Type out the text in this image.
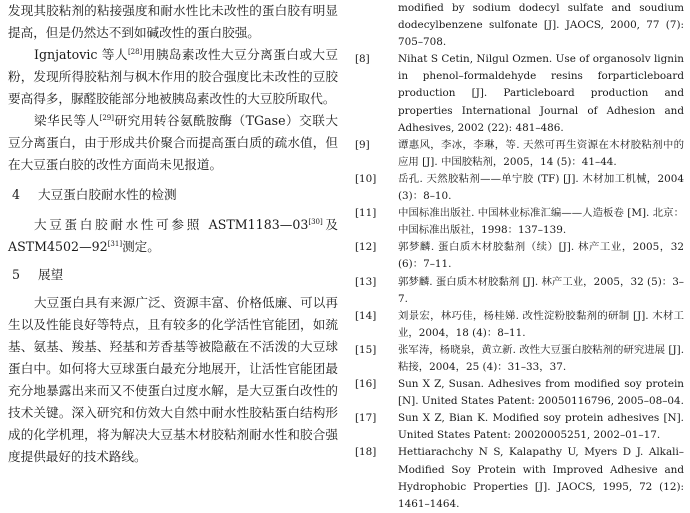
发现其胶粘剂的粘接强度和耐水性比未改性的蛋白胶有明显提高，但是仍然达不到如碱改性的蛋白胶强。

Ignjatovic 等人[28]用胰岛素改性大豆分离蛋白或大豆粉，发现所得胶粘剂与枫木作用的胶合强度比未改性的豆胶要高得多，脲醛胶能部分地被胰岛素改性的大豆胶所取代。

梁华民等人[29]研究用转谷氨酰胺酶（TGase）交联大豆分离蛋白，由于形成共价聚合而提高蛋白质的疏水值，但在大豆蛋白胶的改性方面尚未见报道。

4 大豆蛋白胶耐水性的检测

大豆蛋白胶耐水性可参照 ASTM1183—03[30]及 ASTM4502—92[31]测定。

5 展望

大豆蛋白具有来源广泛、资源丰富、价格低廉、可以再生以及性能良好等特点，且有较多的化学活性官能团，如巯基、氨基、羧基、羟基和芳香基等被隐蔽在不活泼的大豆球蛋白中。如何将大豆球蛋白最充分地展开，让活性官能团最充分地暴露出来而又不使蛋白过度水解，是大豆蛋白改性的技术关键。深入研究和仿效大自然中耐水性胶粘蛋白结构形成的化学机理，将为解决大豆基木材胶粘剂耐水性和胶合强度提供最好的技术路线。

modified by sodium dodecyl sulfate and soudium dodecylbenzene sulfonate [J]. JAOCS, 2000, 77 (7): 705–708.

[8]	Nihat S Cetin, Nilgul Ozmen. Use of organosolv lignin in phenol–formaldehyde resins forparticleboard production [J]. Particleboard production and properties International Journal of Adhesion and Adhesives, 2002 (22): 481–486.

[9]	谭惠风，李冰，李琳，等. 天然可再生资源在木材胶粘剂中的应用 [J]. 中国胶粘剂，2005，14 (5)：41–44.

[10] 岳孔. 天然胶粘剂——单宁胶 (TF) [J]. 木材加工机械，2004 (3)：8–10.

[11] 中国标准出版社. 中国林业标准汇编——人造板卷 [M]. 北京：中国标准出版社，1998：137–139.

[12] 郭梦麟. 蛋白质木材胶黏剂（续）[J]. 林产工业，2005，32 (6)：7–11.

[13] 郭梦麟. 蛋白质木材胶黏剂 [J]. 林产工业，2005，32 (5)：3–7.

[14] 刘景宏，林巧佳，杨桂娣. 改性淀粉胶黏剂的研制 [J]. 木材工业，2004，18 (4)：8–11.

[15] 张军涛，杨晓泉，黄立新. 改性大豆蛋白胶粘剂的研究进展 [J]. 粘接，2004，25 (4)：31–33，37.

[16] Sun X Z, Susan. Adhesives from modified soy protein [N]. United States Patent: 20050116796, 2005–08–04.

[17] Sun X Z, Bian K. Modified soy protein adhesives [N]. United States Patent: 20020005251, 2002–01–17.

[18] Hettiarachchy N S, Kalapathy U, Myers D J. Alkali–Modified Soy Protein with Improved Adhesive and Hydrophobic Properties [J]. JAOCS, 1995, 72 (12): 1461–1464.
